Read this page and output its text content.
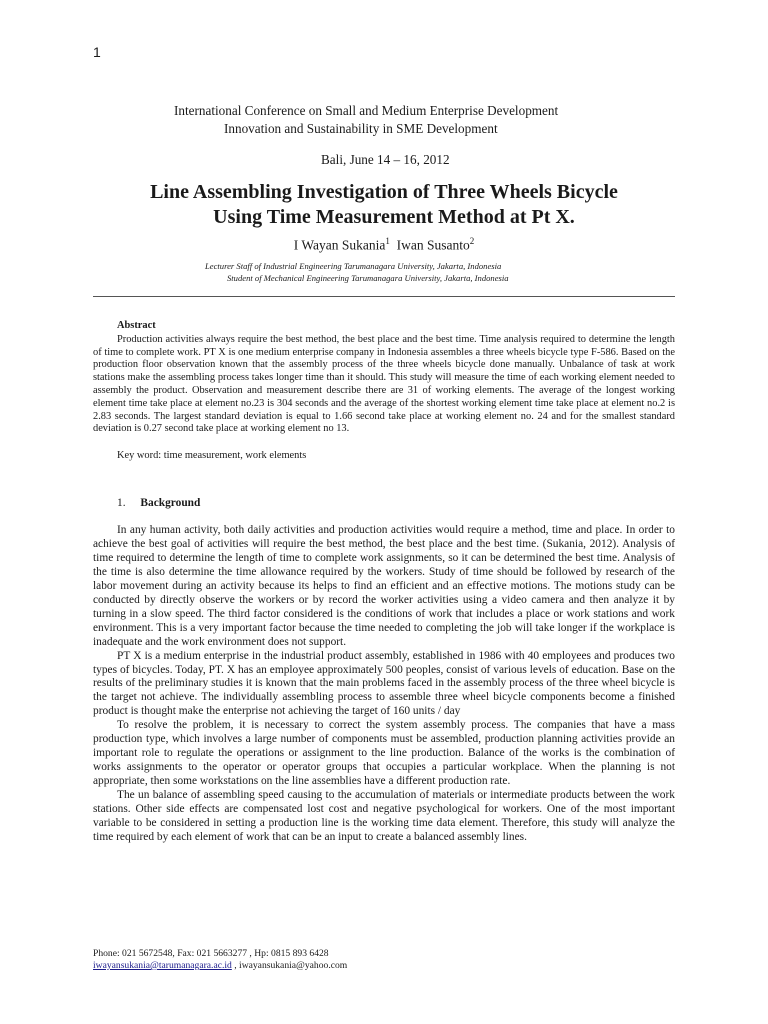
1
International Conference on Small and Medium Enterprise Development
Innovation and Sustainability in SME Development
Bali, June 14 – 16, 2012
Line Assembling Investigation of Three Wheels Bicycle
Using Time Measurement Method at Pt X.
I Wayan Sukania$^1$ Iwan Susanto$^2$
Lecturer Staff of Industrial Engineering Tarumanagara University, Jakarta, Indonesia
Student of Mechanical Engineering Tarumanagara University, Jakarta, Indonesia
Abstract

Production activities always require the best method, the best place and the best time. Time analysis required to determine the length of time to complete work. PT X is one medium enterprise company in Indonesia assembles a three wheels bicycle type F-586. Based on the production floor observation known that the assembly process of the three wheels bicycle done manually. Unbalance of task at work stations make the assembling process takes longer time than it should. This study will measure the time of each working element needed to assembly the product. Observation and measurement describe there are 31 of working elements. The average of the longest working element time take place at element no.23 is 304 seconds and the average of the shortest working element time take place at element no.2 is 2.83 seconds. The largest standard deviation is equal to 1.66 second take place at working element no. 24 and for the smallest standard deviation is 0.27 second take place at working element no 13.

Key word: time measurement, work elements
1. Background

In any human activity, both daily activities and production activities would require a method, time and place. In order to achieve the best goal of activities will require the best method, the best place and the best time. (Sukania, 2012). Analysis of time required to determine the length of time to complete work assignments, so it can be determined the best time. Analysis of the time is also determine the time allowance required by the workers. Study of time should be followed by research of the labor movement during an activity because its helps to find an efficient and an effective motions. The motions study can be conducted by directly observe the workers or by record the worker activities using a video camera and then analyze it by turning in a slow speed. The third factor considered is the conditions of work that includes a place or work stations and work environment. This is a very important factor because the time needed to completing the job will take longer if the workplace is inadequate and the work environment does not support.

PT X is a medium enterprise in the industrial product assembly, established in 1986 with 40 employees and produces two types of bicycles. Today, PT. X has an employee approximately 500 peoples, consist of various levels of education. Base on the results of the preliminary studies it is known that the main problems faced in the assembly process of the three wheel bicycle is the target not achieve. The individually assembling process to assemble three wheel bicycle components become a finished product is thought make the enterprise not achieving the target of 160 units / day

To resolve the problem, it is necessary to correct the system assembly process. The companies that have a mass production type, which involves a large number of components must be assembled, production planning activities provide an important role to regulate the operations or assignment to the line production. Balance of the works is the combination of works assignments to the operator or operator groups that occupies a particular workplace. When the planning is not appropriate, then some workstations on the line assemblies have a different production rate.

The un balance of assembling speed causing to the accumulation of materials or intermediate products between the work stations. Other side effects are compensated lost cost and negative psychological for workers. One of the most important variable to be considered in setting a production line is the working time data element. Therefore, this study will analyze the time required by each element of work that can be an input to create a balanced assembly lines.

Phone: 021 5672548, Fax: 021 5663277 , Hp: 0815 893 6428
iwayansukania@tarumanagara.ac.id , iwayansukania@yahoo.com
